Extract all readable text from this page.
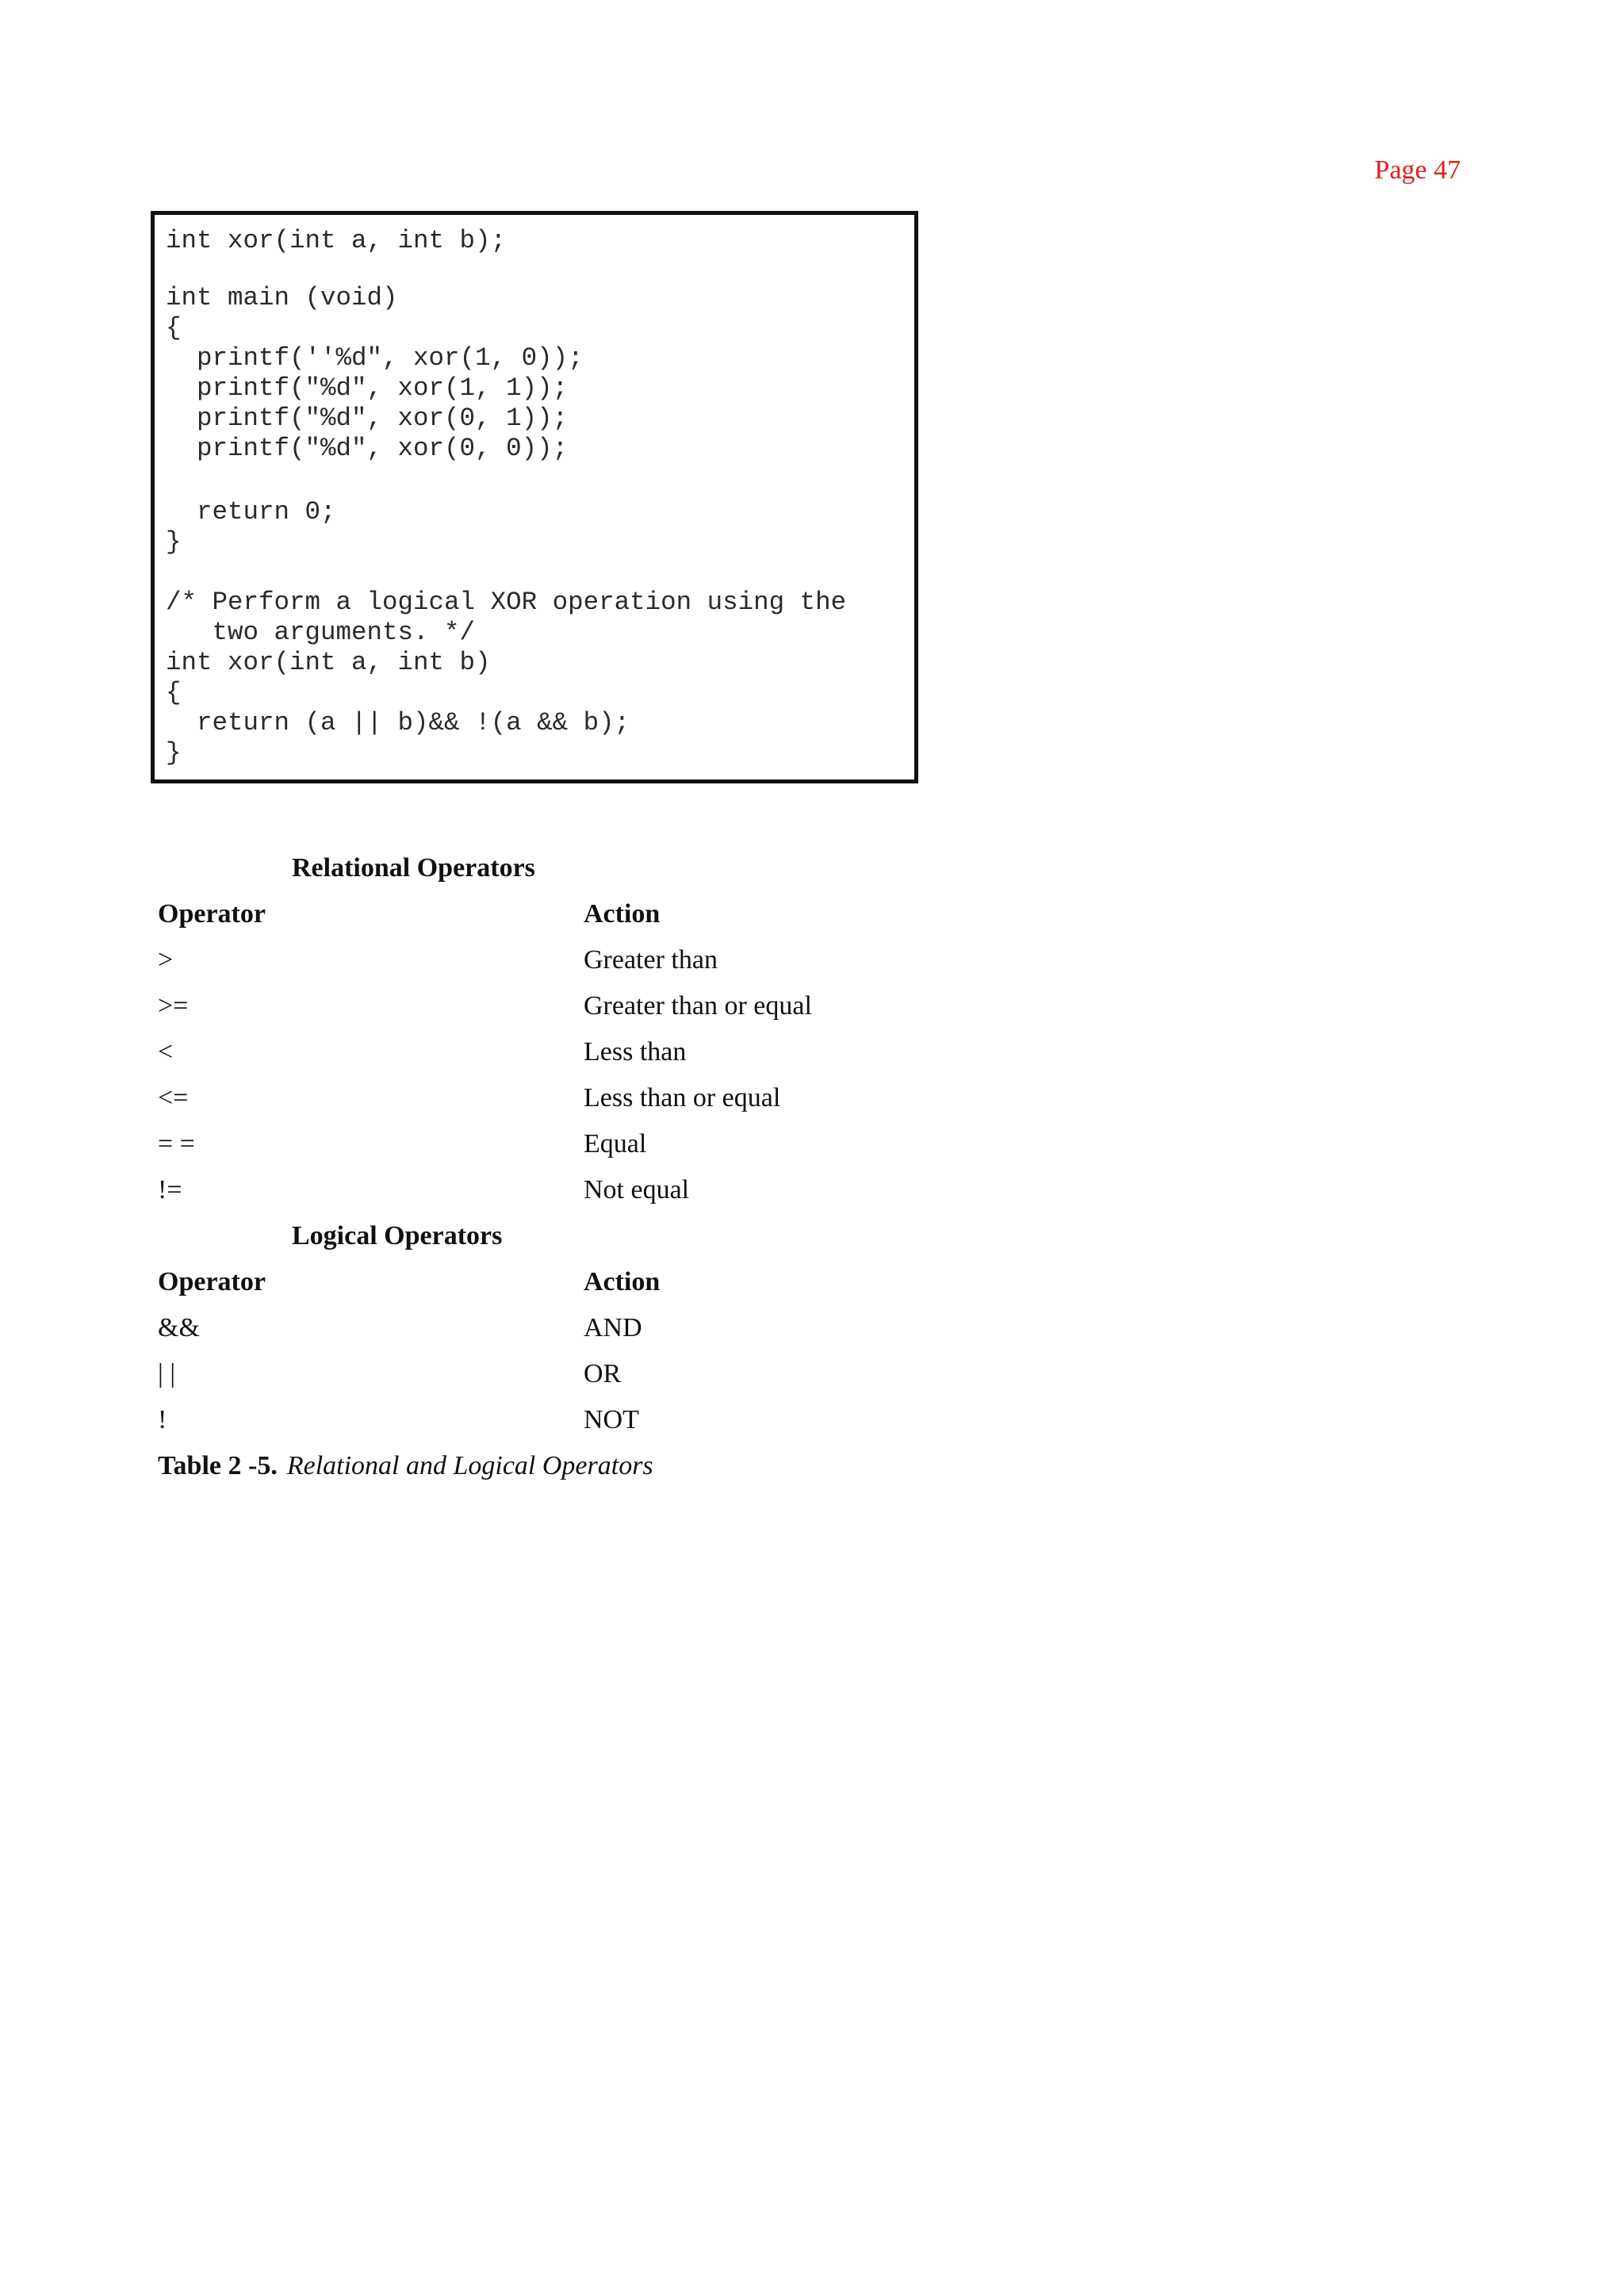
Page 47
int xor(int a, int b);
int main (void)
{
printf(''%d", xor(1, 0));
printf("%d", xor(1, 1));
printf("%d", xor(0, 1));
printf("%d", xor(0, 0));
return 0;
}
/* Perform a logical XOR operation using the
two arguments. */
int xor(int a, int b)
{
return (a || b)&& !(a && b);
}
Relational Operators
Operator	Action
>	Greater than
>=	Greater than or equal
<	Less than
<=	Less than or equal
= =	Equal
!=	Not equal
Logical Operators
Operator	Action
&&	AND
| |	OR
!	NOT
Table 2 -5. Relational and Logical Operators
